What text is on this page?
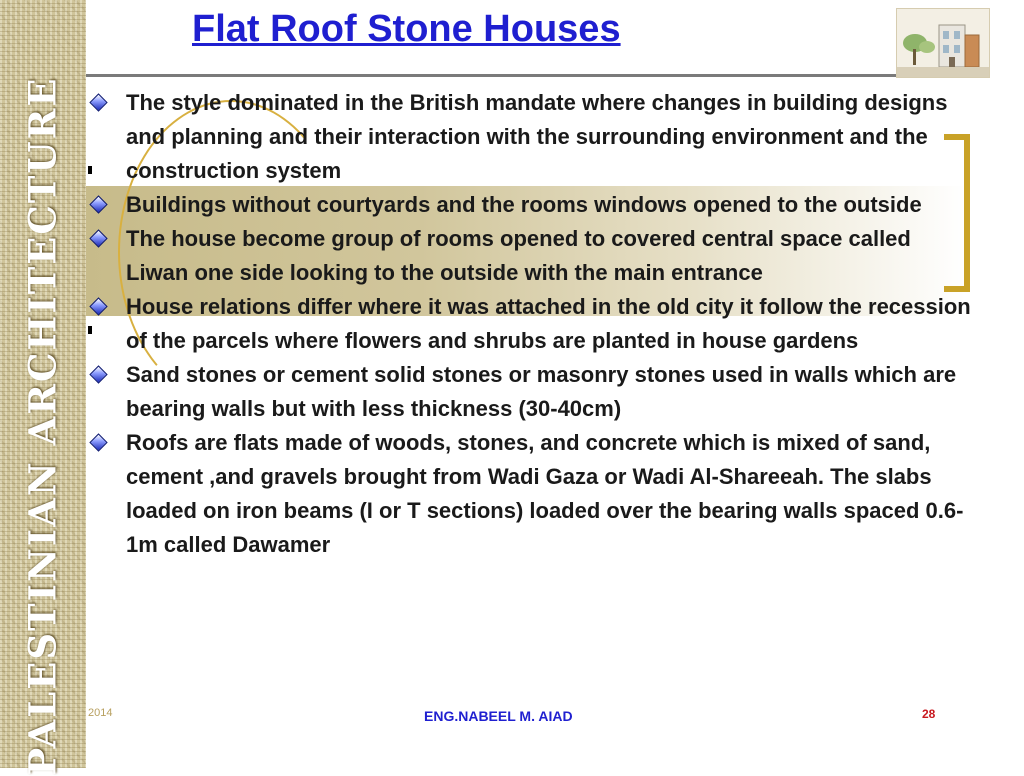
PALESTINIAN ARCHITECTURE
Flat Roof Stone Houses
The style dominated in the British mandate where changes in building designs and planning and their interaction with the surrounding environment and the construction system
Buildings without courtyards and the rooms windows opened to the outside
The house become group of rooms opened to covered central space called Liwan one side looking to the outside with the main entrance
House relations differ where it was attached in the old city it follow the recession of the parcels where flowers and shrubs are planted in house gardens
Sand stones or cement solid stones or masonry stones used in walls which are bearing walls but with less thickness (30-40cm)
Roofs are flats made of woods, stones, and concrete which is mixed of sand, cement ,and gravels brought from Wadi Gaza or Wadi Al-Shareeah. The slabs loaded on iron beams (I or T sections) loaded over the bearing walls spaced 0.6-1m called Dawamer
2014	ENG.NABEEL M. AIAD	28
